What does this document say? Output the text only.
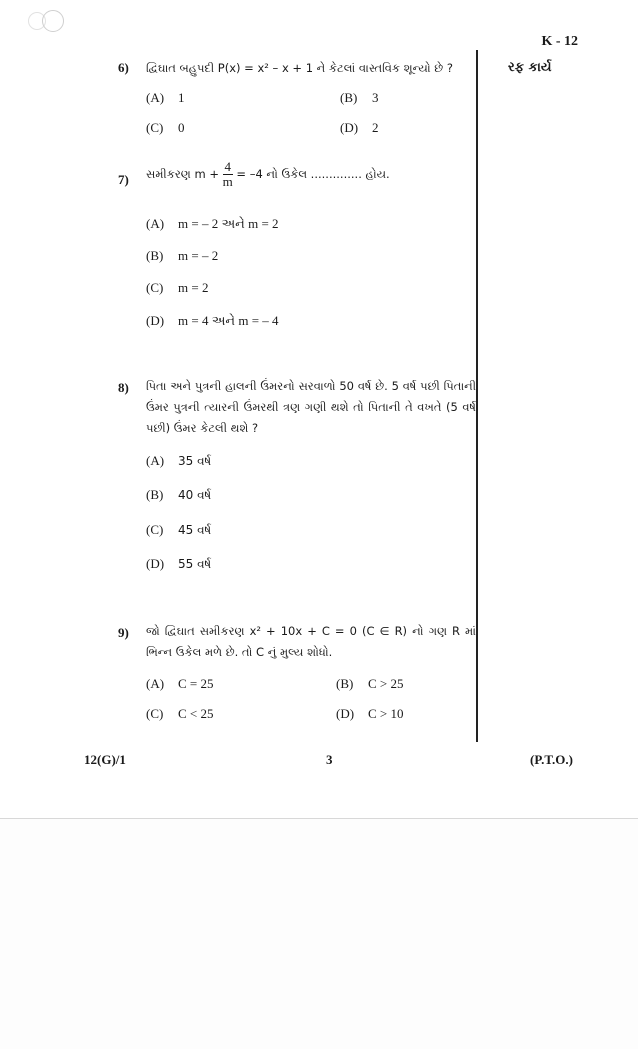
K - 12
રફ કાર્ય
6) દ્વિઘાત બહુપદી P(x) = x² – x + 1 ને કેટલાં વાસ્તવિક શૂન્યો છે ?
(A) 1	(B) 3
(C) 0	(D) 2
7) સમીકરણ $m + \frac{4}{m} = -4$ નો ઉકેલ .............. હોય.
(A) m = – 2 અને m = 2
(B) m = – 2
(C) m = 2
(D) m = 4 અને m = – 4
8) પિતા અને પુત્રની હાલની ઉંમરનો સરવાળો 50 વર્ષ છે. 5 વર્ષ પછી પિતાની ઉંમર પુત્રની ત્યારની ઉંમરથી ત્રણ ગણી થશે તો પિતાની તે વખતે (5 વર્ષ પછી) ઉંમર કેટલી થશે ?
(A) 35 વર્ષ
(B) 40 વર્ષ
(C) 45 વર્ષ
(D) 55 વર્ષ
9) જો દ્વિઘાત સમીકરણ x² + 10x + C = 0 (C ∈ R) નો ગણ R માં ભિન્ન ઉકેલ મળે છે. તો C નું મુલ્ય શોધો.
(A) C = 25	(B) C > 25
(C) C < 25	(D) C > 10
12(G)/1	3	(P.T.O.)
